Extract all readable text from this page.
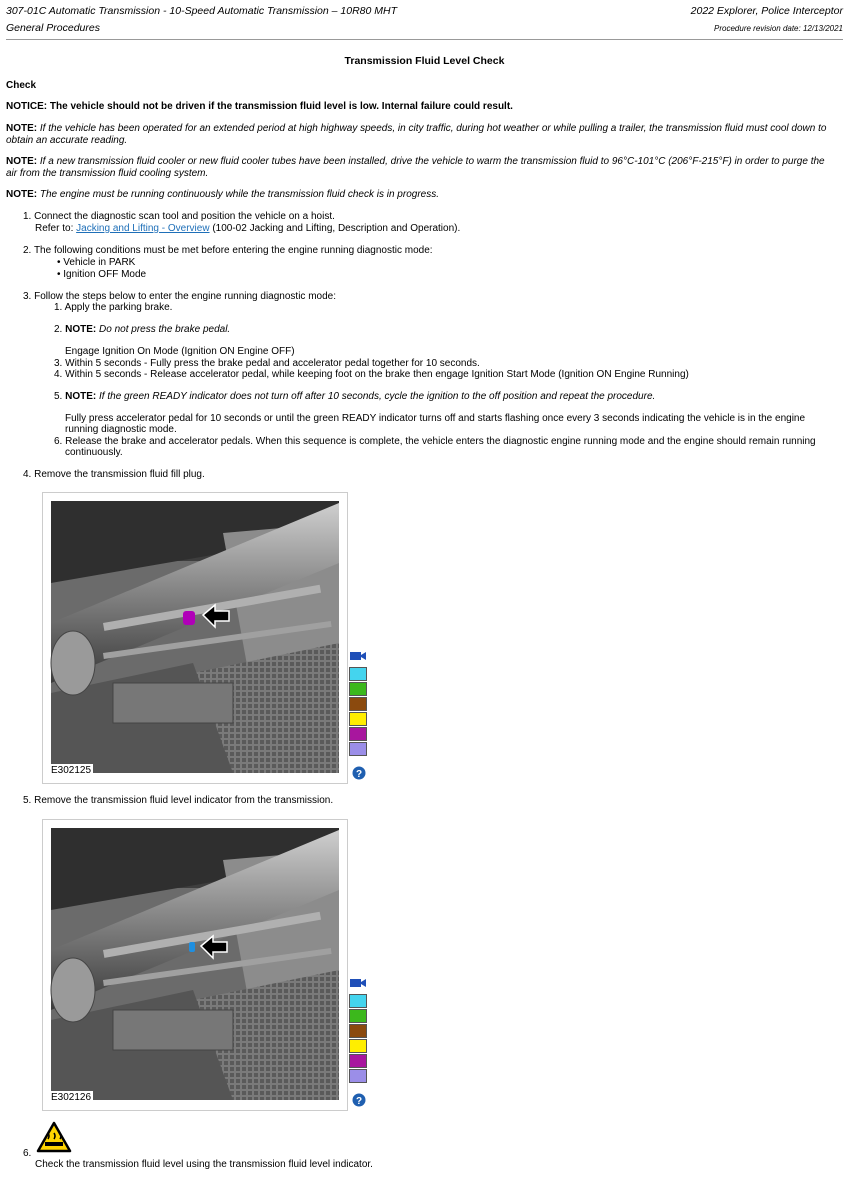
307-01C Automatic Transmission - 10-Speed Automatic Transmission – 10R80 MHT
General Procedures
2022 Explorer, Police Interceptor
Procedure revision date: 12/13/2021
Transmission Fluid Level Check
Check
NOTICE: The vehicle should not be driven if the transmission fluid level is low. Internal failure could result.
NOTE: If the vehicle has been operated for an extended period at high highway speeds, in city traffic, during hot weather or while pulling a trailer, the transmission fluid must cool down to
obtain an accurate reading.
NOTE: If a new transmission fluid cooler or new fluid cooler tubes have been installed, drive the vehicle to warm the transmission fluid to 96°C-101°C (206°F-215°F) in order to purge the
air from the transmission fluid cooling system.
NOTE: The engine must be running continuously while the transmission fluid check is in progress.
1. Connect the diagnostic scan tool and position the vehicle on a hoist.
Refer to: Jacking and Lifting - Overview (100-02 Jacking and Lifting, Description and Operation).
2. The following conditions must be met before entering the engine running diagnostic mode:
• Vehicle in PARK
• Ignition OFF Mode
3. Follow the steps below to enter the engine running diagnostic mode:
1. Apply the parking brake.
2. NOTE: Do not press the brake pedal.
Engage Ignition On Mode (Ignition ON Engine OFF)
3. Within 5 seconds - Fully press the brake pedal and accelerator pedal together for 10 seconds.
4. Within 5 seconds - Release accelerator pedal, while keeping foot on the brake then engage Ignition Start Mode (Ignition ON Engine Running)
5. NOTE: If the green READY indicator does not turn off after 10 seconds, cycle the ignition to the off position and repeat the procedure.
Fully press accelerator pedal for 10 seconds or until the green READY indicator turns off and starts flashing once every 3 seconds indicating the vehicle is in the engine
running diagnostic mode.
6. Release the brake and accelerator pedals. When this sequence is complete, the vehicle enters the diagnostic engine running mode and the engine should remain running
continuously.
4. Remove the transmission fluid fill plug.
E302125	?
5. Remove the transmission fluid level indicator from the transmission.
E302126	?
6.
Check the transmission fluid level using the transmission fluid level indicator.
